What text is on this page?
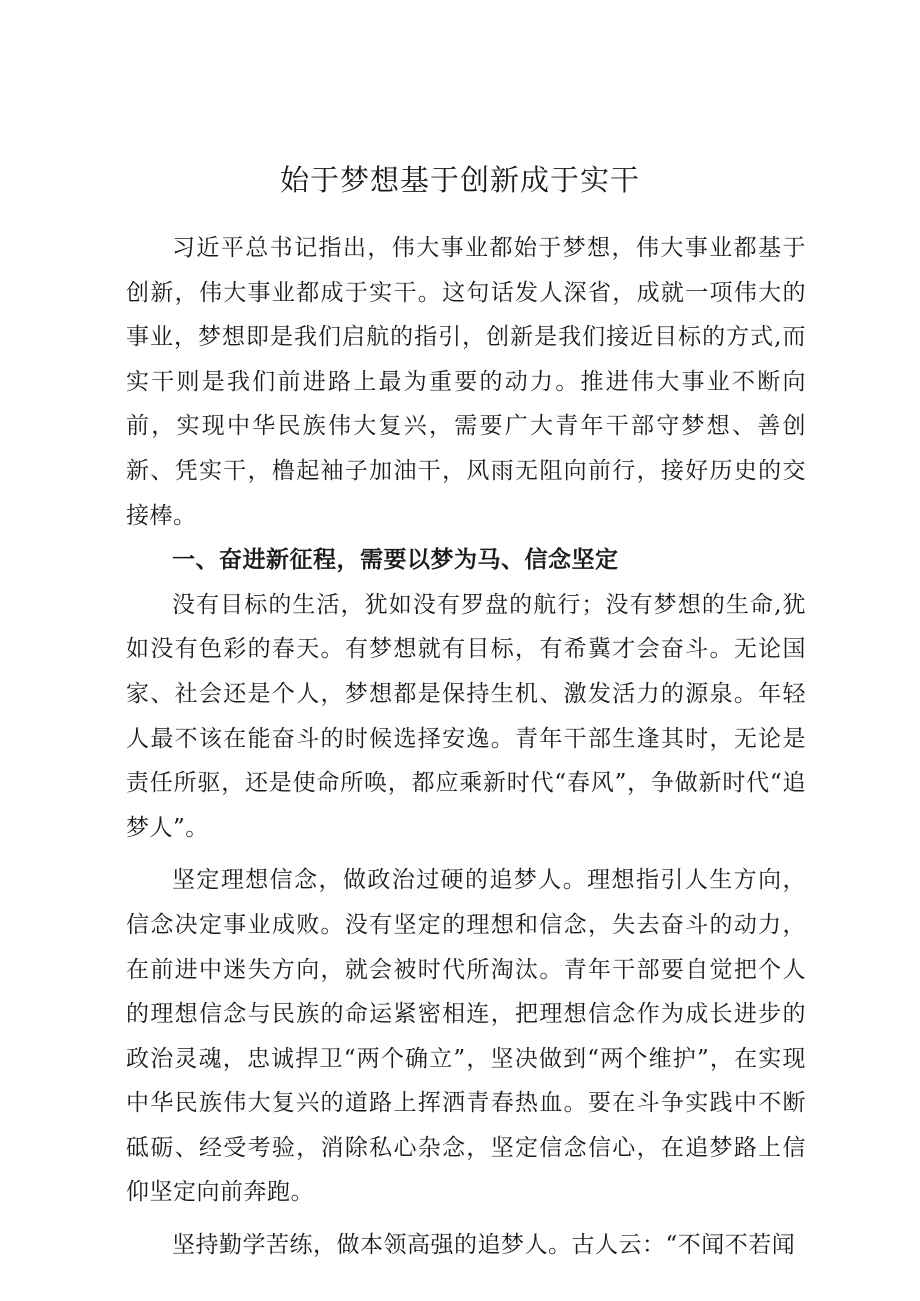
始于梦想基于创新成于实干

习近平总书记指出，伟大事业都始于梦想，伟大事业都基于创新，伟大事业都成于实干。这句话发人深省，成就一项伟大的事业，梦想即是我们启航的指引，创新是我们接近目标的方式,而实干则是我们前进路上最为重要的动力。推进伟大事业不断向前，实现中华民族伟大复兴，需要广大青年干部守梦想、善创新、凭实干，橹起袖子加油干，风雨无阻向前行，接好历史的交接棒。

一、奋进新征程，需要以梦为马、信念坚定

没有目标的生活，犹如没有罗盘的航行；没有梦想的生命,犹如没有色彩的春天。有梦想就有目标，有希冀才会奋斗。无论国家、社会还是个人，梦想都是保持生机、激发活力的源泉。年轻人最不该在能奋斗的时候选择安逸。青年干部生逢其时，无论是责任所驱，还是使命所唤，都应乘新时代“春风”，争做新时代“追梦人”。

坚定理想信念，做政治过硬的追梦人。理想指引人生方向，信念决定事业成败。没有坚定的理想和信念，失去奋斗的动力，在前进中迷失方向，就会被时代所淘汰。青年干部要自觉把个人的理想信念与民族的命运紧密相连，把理想信念作为成长进步的政治灵魂，忠诚捍卫“两个确立”，坚决做到“两个维护”，在实现中华民族伟大复兴的道路上挥洒青春热血。要在斗争实践中不断砥砺、经受考验，消除私心杂念，坚定信念信心，在追梦路上信仰坚定向前奔跑。

坚持勤学苦练，做本领高强的追梦人。古人云：“不闻不若闻
